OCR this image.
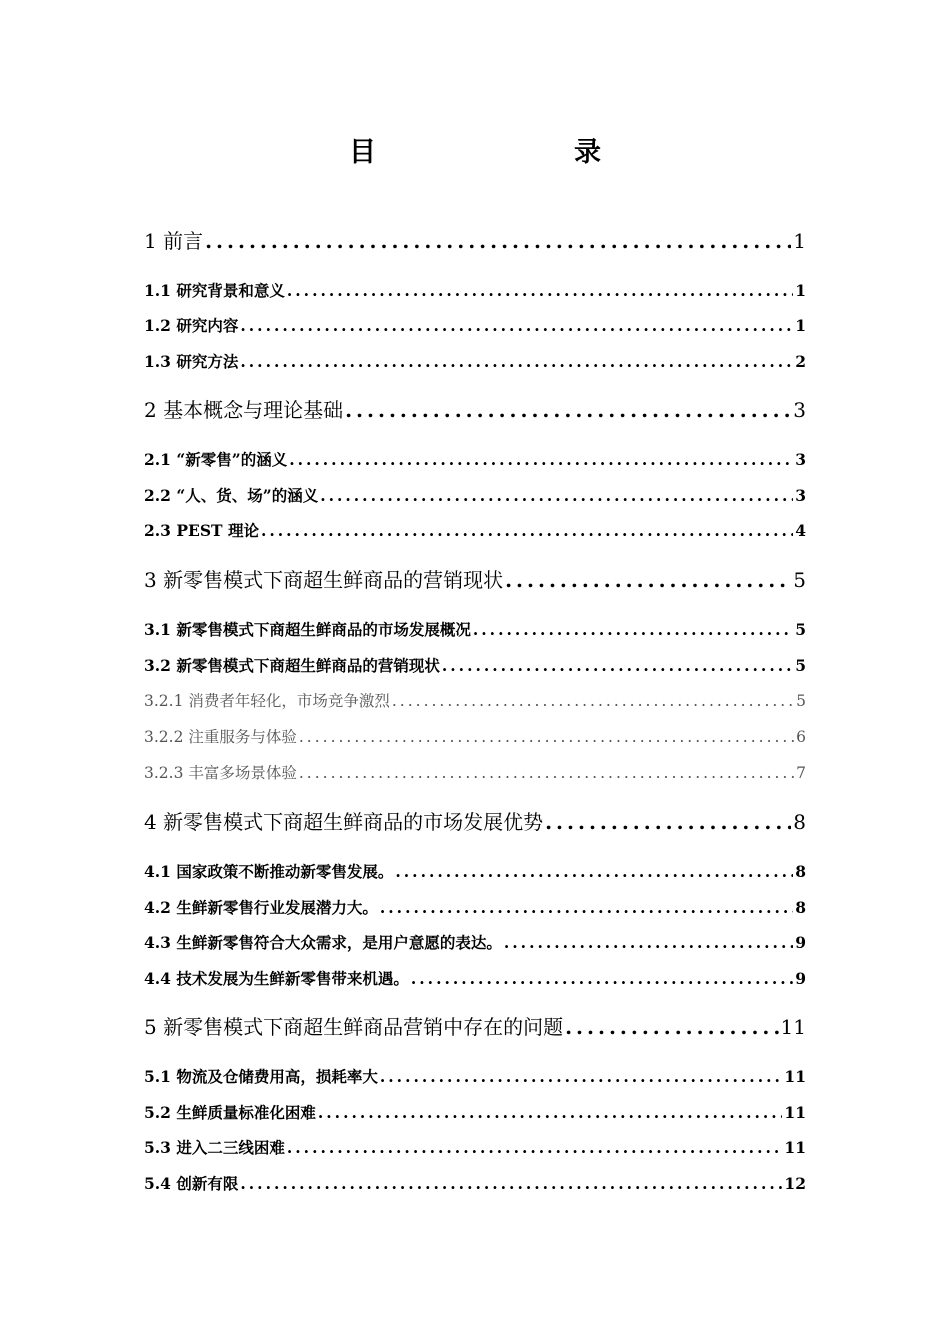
目　　录
1 前言 .....	1
1.1 研究背景和意义 .....	1
1.2 研究内容 .....	1
1.3 研究方法 .....	2
2 基本概念与理论基础 .....	3
2.1 “新零售”的涵义 .....	3
2.2 “人、货、场”的涵义 .....	3
2.3 PEST 理论 .....	4
3 新零售模式下商超生鲜商品的营销现状 .....	5
3.1 新零售模式下商超生鲜商品的市场发展概况 .....	5
3.2 新零售模式下商超生鲜商品的营销现状 .....	5
3.2.1 消费者年轻化，市场竞争激烈 .....	5
3.2.2 注重服务与体验 .....	6
3.2.3 丰富多场景体验 .....	7
4 新零售模式下商超生鲜商品的市场发展优势 .....	8
4.1 国家政策不断推动新零售发展。 .....	8
4.2 生鲜新零售行业发展潜力大。 .....	8
4.3 生鲜新零售符合大众需求，是用户意愿的表达。 .....	9
4.4 技术发展为生鲜新零售带来机遇。 .....	9
5 新零售模式下商超生鲜商品营销中存在的问题 .....	11
5.1 物流及仓储费用高，损耗率大 .....	11
5.2 生鲜质量标准化困难 .....	11
5.3 进入二三线困难 .....	11
5.4 创新有限 .....	12
